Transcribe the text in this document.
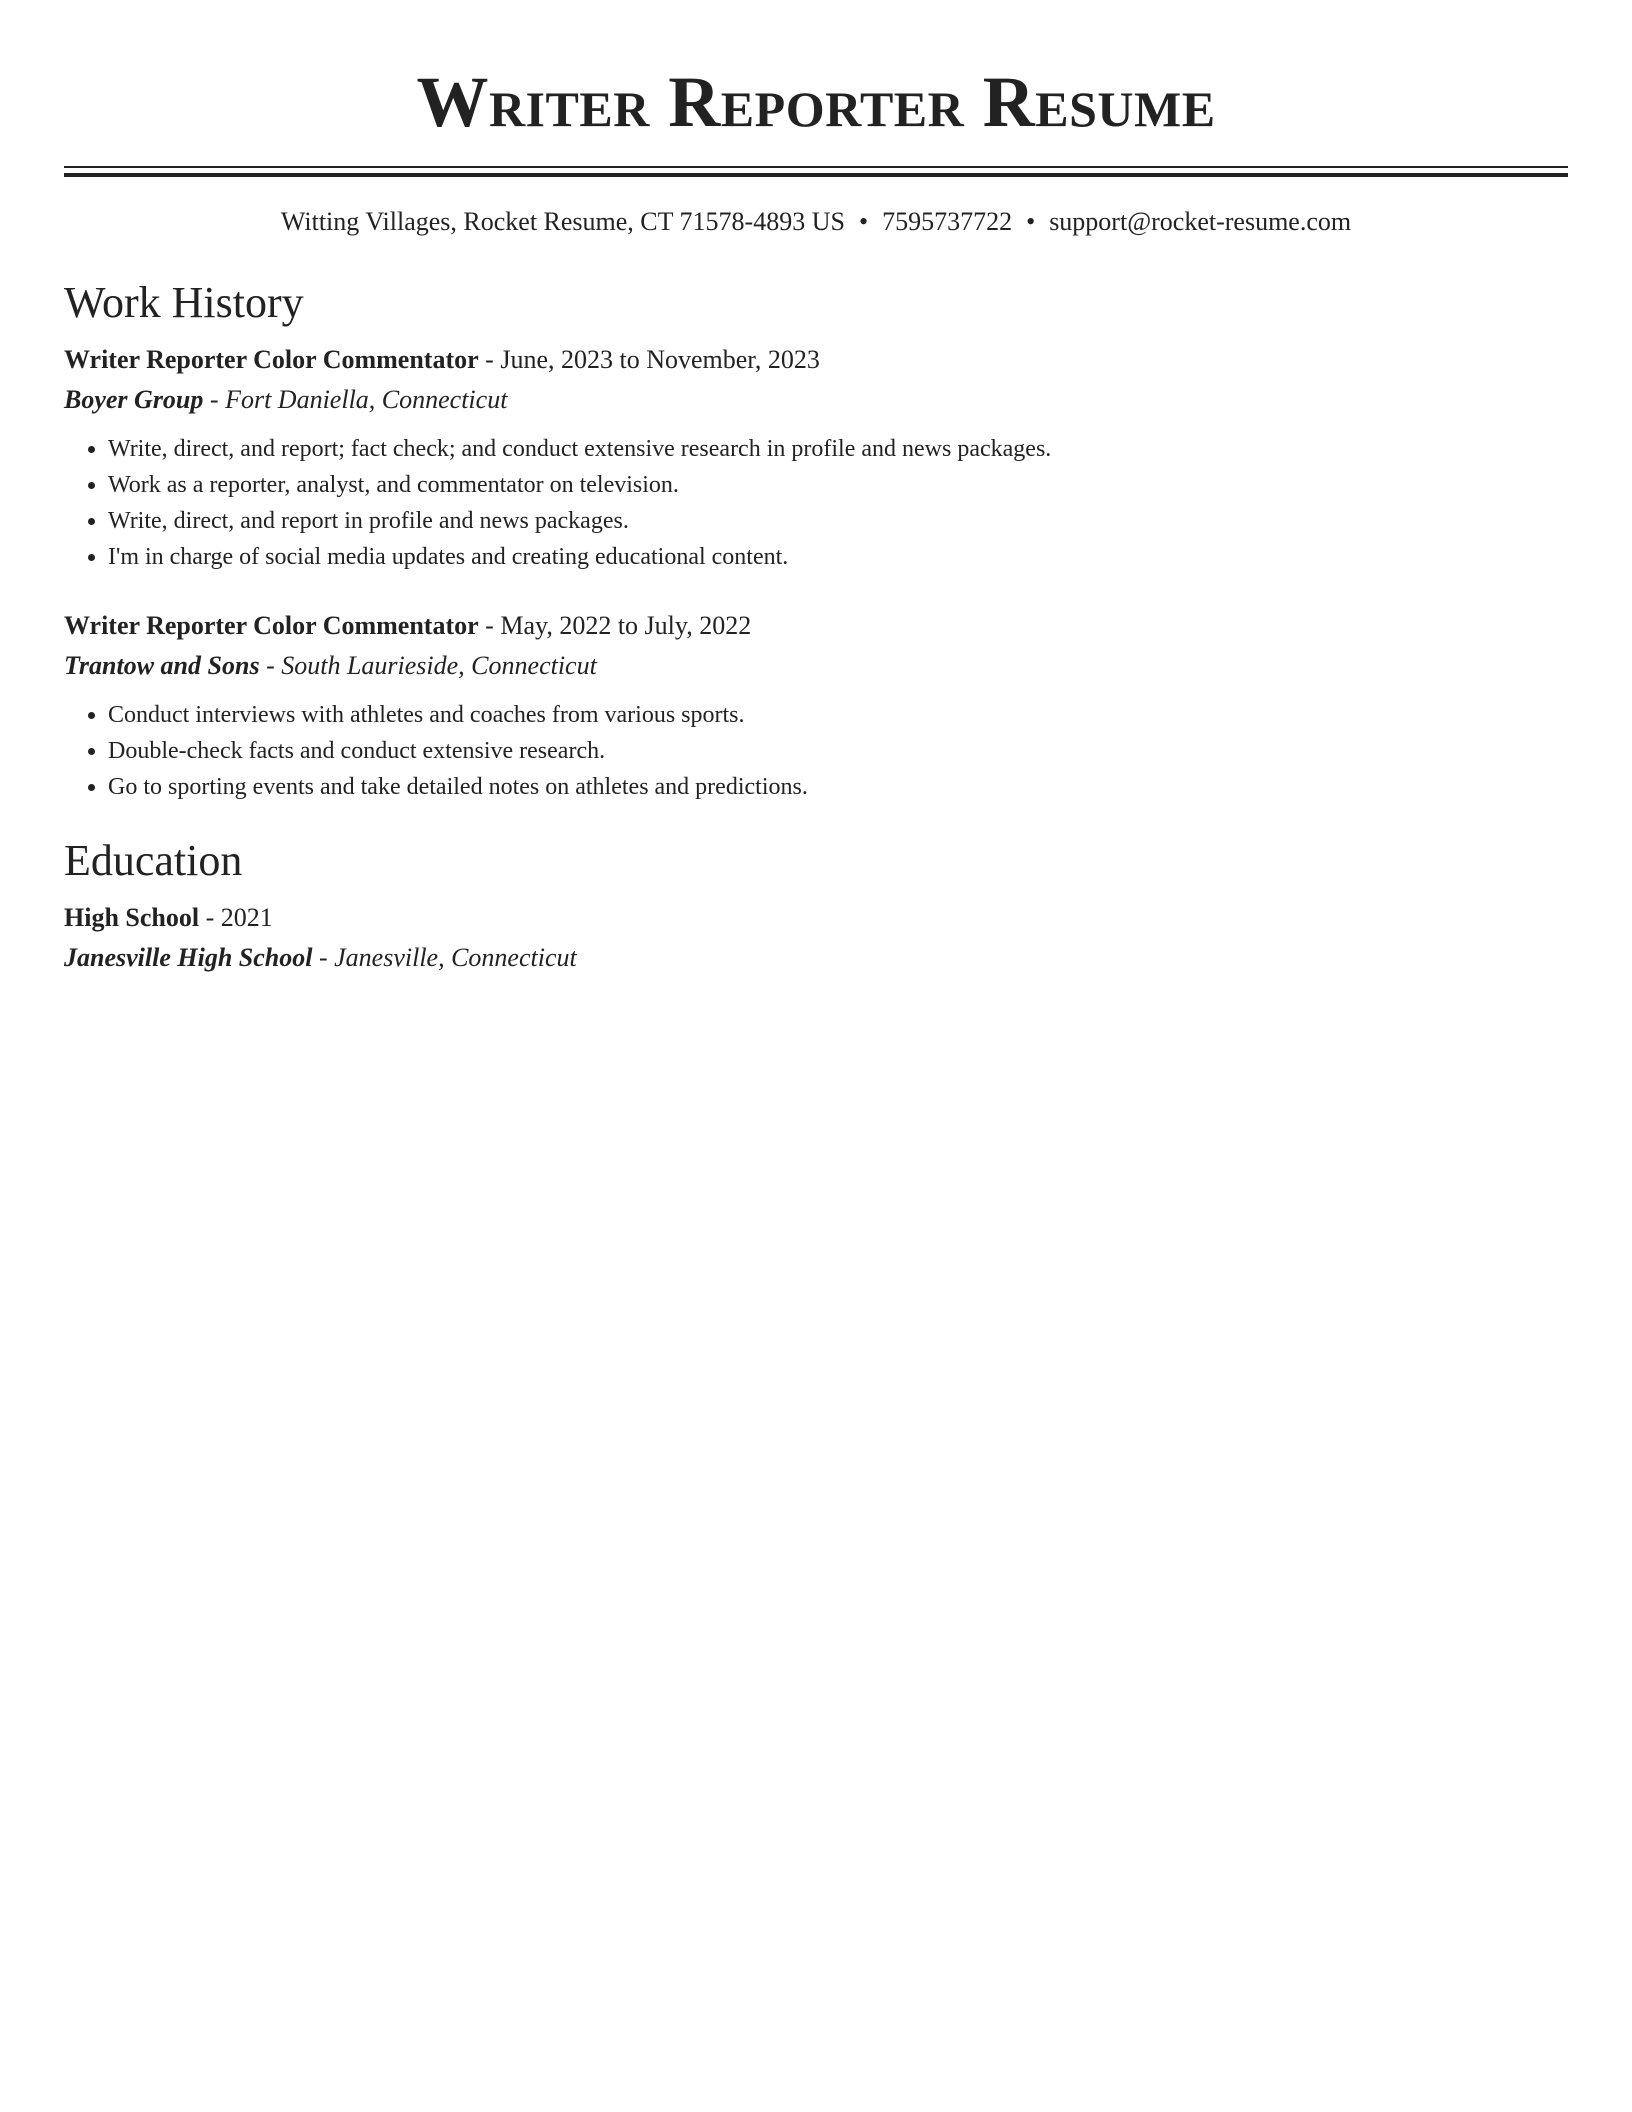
Writer Reporter Resume
Witting Villages, Rocket Resume, CT 71578-4893 US • 7595737722 • support@rocket-resume.com
Work History
Writer Reporter Color Commentator - June, 2023 to November, 2023
Boyer Group - Fort Daniella, Connecticut
• Write, direct, and report; fact check; and conduct extensive research in profile and news packages.
• Work as a reporter, analyst, and commentator on television.
• Write, direct, and report in profile and news packages.
• I'm in charge of social media updates and creating educational content.
Writer Reporter Color Commentator - May, 2022 to July, 2022
Trantow and Sons - South Laurieside, Connecticut
• Conduct interviews with athletes and coaches from various sports.
• Double-check facts and conduct extensive research.
• Go to sporting events and take detailed notes on athletes and predictions.
Education
High School - 2021
Janesville High School - Janesville, Connecticut
